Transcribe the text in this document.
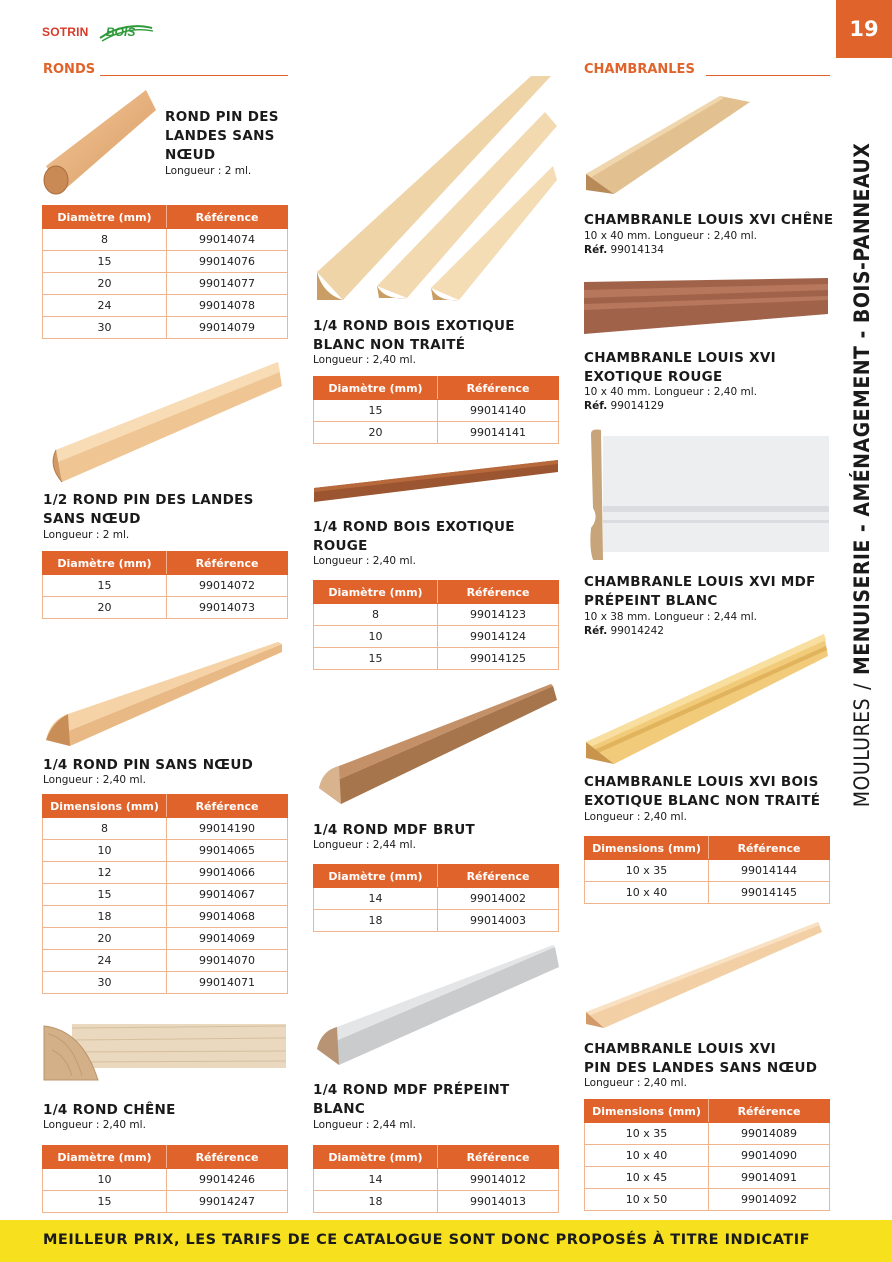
SOTRIN BOIS	19
MOULURES/MENUISERIE - AMÉNAGEMENT - BOIS-PANNEAUX
RONDS	CHAMBRANLES
ROND PIN DES
LANDES SANS
NŒUD
Longueur : 2 ml.
Diamètre (mm)	Référence
8	99014074
15	99014076
20	99014077
24	99014078
30	99014079
1/2 ROND PIN DES LANDES
SANS NŒUD
Longueur : 2 ml.
Diamètre (mm)	Référence
15	99014072
20	99014073
1/4 ROND PIN SANS NŒUD
Longueur : 2,40 ml.
Dimensions (mm)	Référence
8	99014190
10	99014065
12	99014066
15	99014067
18	99014068
20	99014069
24	99014070
30	99014071
1/4 ROND CHÊNE
Longueur : 2,40 ml.
Diamètre (mm)	Référence
10	99014246
15	99014247
1/4 ROND BOIS EXOTIQUE
BLANC NON TRAITÉ
Longueur : 2,40 ml.
Diamètre (mm)	Référence
15	99014140
20	99014141
1/4 ROND BOIS EXOTIQUE
ROUGE
Longueur : 2,40 ml.
Diamètre (mm)	Référence
8	99014123
10	99014124
15	99014125
1/4 ROND MDF BRUT
Longueur : 2,44 ml.
Diamètre (mm)	Référence
14	99014002
18	99014003
1/4 ROND MDF PRÉPEINT
BLANC
Longueur : 2,44 ml.
Diamètre (mm)	Référence
14	99014012
18	99014013
CHAMBRANLE LOUIS XVI CHÊNE
10 x 40 mm. Longueur : 2,40 ml.
Réf. 99014134
CHAMBRANLE LOUIS XVI
EXOTIQUE ROUGE
10 x 40 mm. Longueur : 2,40 ml.
Réf. 99014129
CHAMBRANLE LOUIS XVI MDF
PRÉPEINT BLANC
10 x 38 mm. Longueur : 2,44 ml.
Réf. 99014242
CHAMBRANLE LOUIS XVI BOIS
EXOTIQUE BLANC NON TRAITÉ
Longueur : 2,40 ml.
Dimensions (mm)	Référence
10 x 35	99014144
10 x 40	99014145
CHAMBRANLE LOUIS XVI
PIN DES LANDES SANS NŒUD
Longueur : 2,40 ml.
Dimensions (mm)	Référence
10 x 35	99014089
10 x 40	99014090
10 x 45	99014091
10 x 50	99014092
MEILLEUR PRIX, LES TARIFS DE CE CATALOGUE SONT DONC PROPOSÉS À TITRE INDICATIF
